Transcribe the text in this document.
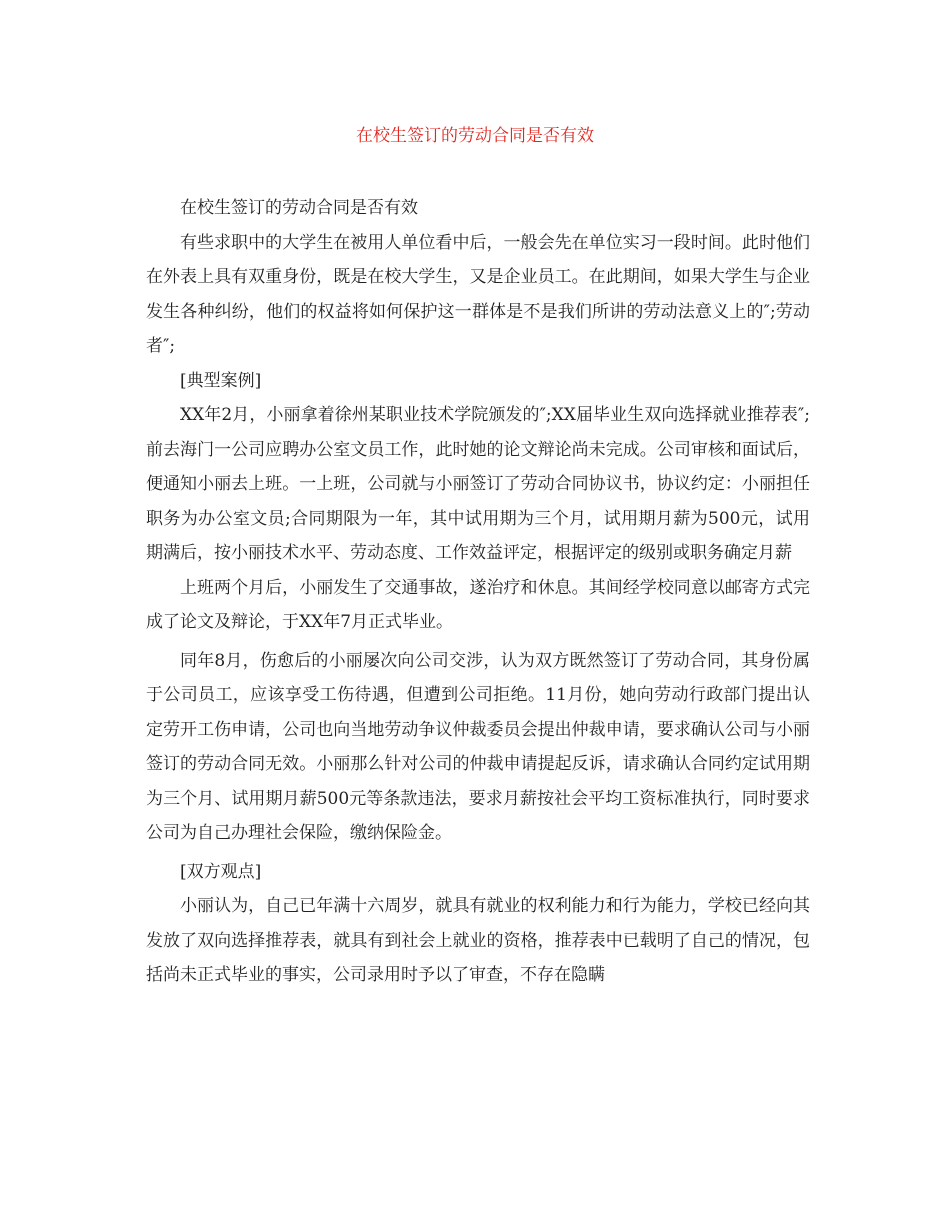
在校生签订的劳动合同是否有效

在校生签订的劳动合同是否有效

有些求职中的大学生在被用人单位看中后，一般会先在单位实习一段时间。此时他们在外表上具有双重身份，既是在校大学生，又是企业员工。在此期间，如果大学生与企业发生各种纠纷，他们的权益将如何保护这一群体是不是我们所讲的劳动法意义上的″;劳动者″;

[典型案例]

XX年2月，小丽拿着徐州某职业技术学院颁发的″;XX届毕业生双向选择就业推荐表″;前去海门一公司应聘办公室文员工作，此时她的论文辩论尚未完成。公司审核和面试后，便通知小丽去上班。一上班，公司就与小丽签订了劳动合同协议书，协议约定：小丽担任职务为办公室文员;合同期限为一年，其中试用期为三个月，试用期月薪为500元，试用期满后，按小丽技术水平、劳动态度、工作效益评定，根据评定的级别或职务确定月薪

上班两个月后，小丽发生了交通事故，遂治疗和休息。其间经学校同意以邮寄方式完成了论文及辩论，于XX年7月正式毕业。

同年8月，伤愈后的小丽屡次向公司交涉，认为双方既然签订了劳动合同，其身份属于公司员工，应该享受工伤待遇，但遭到公司拒绝。11月份，她向劳动行政部门提出认定劳开工伤申请，公司也向当地劳动争议仲裁委员会提出仲裁申请，要求确认公司与小丽签订的劳动合同无效。小丽那么针对公司的仲裁申请提起反诉，请求确认合同约定试用期为三个月、试用期月薪500元等条款违法，要求月薪按社会平均工资标准执行，同时要求公司为自己办理社会保险，缴纳保险金。

[双方观点]

小丽认为，自己已年满十六周岁，就具有就业的权利能力和行为能力，学校已经向其发放了双向选择推荐表，就具有到社会上就业的资格，推荐表中已载明了自己的情况，包括尚未正式毕业的事实，公司录用时予以了审查，不存在隐瞒
